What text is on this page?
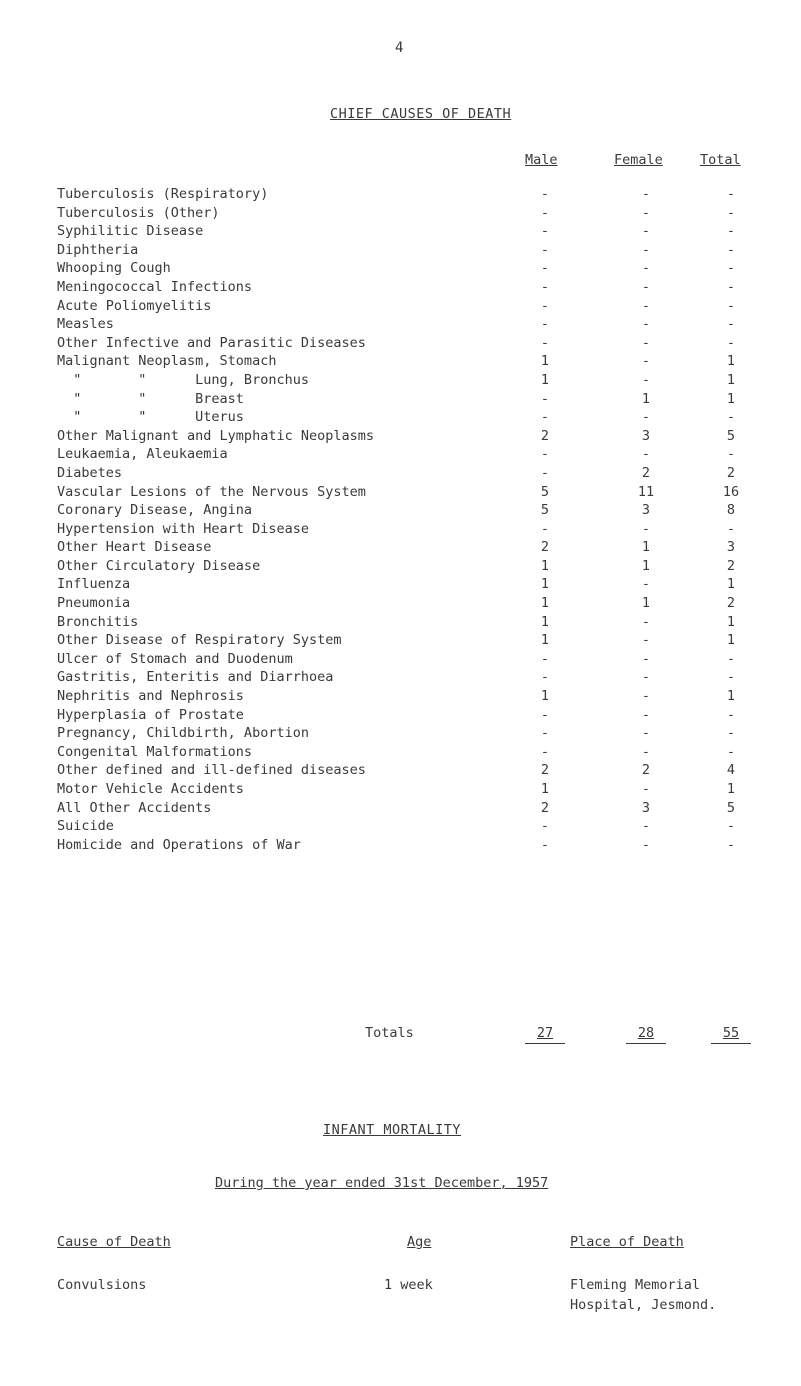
4
CHIEF CAUSES OF DEATH
Male	Female	Total
Tuberculosis (Respiratory)	-	-	-
Tuberculosis (Other)	-	-	-
Syphilitic Disease	-	-	-
Diphtheria	-	-	-
Whooping Cough	-	-	-
Meningococcal Infections	-	-	-
Acute Poliomyelitis	-	-	-
Measles	-	-	-
Other Infective and Parasitic Diseases	-	-	-
Malignant Neoplasm, Stomach	1	-	1
"       "      Lung, Bronchus	1	-	1
"       "      Breast	-	1	1
"       "      Uterus	-	-	-
Other Malignant and Lymphatic Neoplasms	2	3	5
Leukaemia, Aleukaemia	-	-	-
Diabetes	-	2	2
Vascular Lesions of the Nervous System	5	11	16
Coronary Disease, Angina	5	3	8
Hypertension with Heart Disease	-	-	-
Other Heart Disease	2	1	3
Other Circulatory Disease	1	1	2
Influenza	1	-	1
Pneumonia	1	1	2
Bronchitis	1	-	1
Other Disease of Respiratory System	1	-	1
Ulcer of Stomach and Duodenum	-	-	-
Gastritis, Enteritis and Diarrhoea	-	-	-
Nephritis and Nephrosis	1	-	1
Hyperplasia of Prostate	-	-	-
Pregnancy, Childbirth, Abortion	-	-	-
Congenital Malformations	-	-	-
Other defined and ill-defined diseases	2	2	4
Motor Vehicle Accidents	1	-	1
All Other Accidents	2	3	5
Suicide	-	-	-
Homicide and Operations of War	-	-	-
Totals	27	28	55
INFANT MORTALITY
During the year ended 31st December, 1957
Cause of Death	Age	Place of Death
Convulsions	1 week	Fleming Memorial
Hospital, Jesmond.
